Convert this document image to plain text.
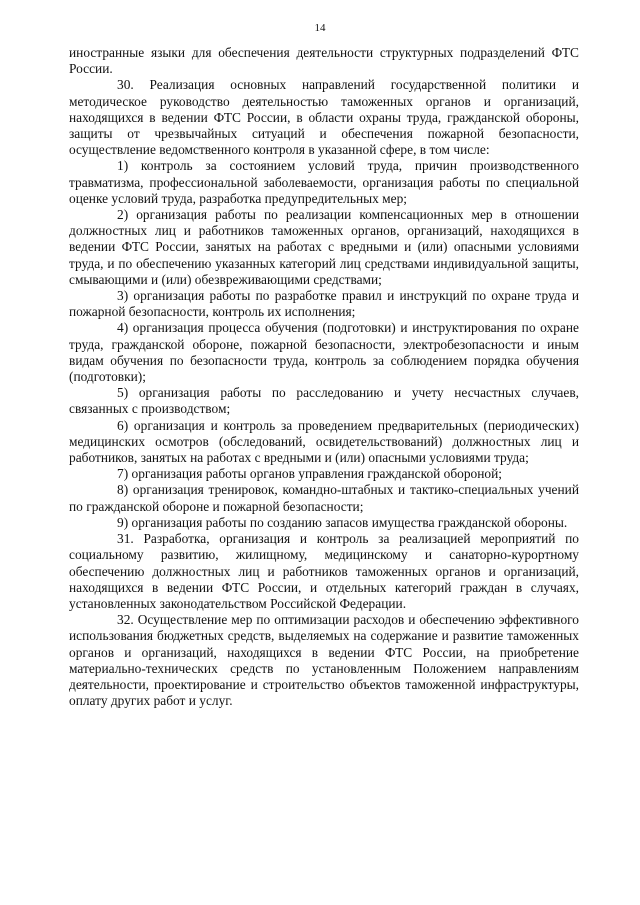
14

иностранные языки для обеспечения деятельности структурных подразделений ФТС России.

30. Реализация основных направлений государственной политики и методическое руководство деятельностью таможенных органов и организаций, находящихся в ведении ФТС России, в области охраны труда, гражданской обороны, защиты от чрезвычайных ситуаций и обеспечения пожарной безопасности, осуществление ведомственного контроля в указанной сфере, в том числе:

1) контроль за состоянием условий труда, причин производственного травматизма, профессиональной заболеваемости, организация работы по специальной оценке условий труда, разработка предупредительных мер;

2) организация работы по реализации компенсационных мер в отношении должностных лиц и работников таможенных органов, организаций, находящихся в ведении ФТС России, занятых на работах с вредными и (или) опасными условиями труда, и по обеспечению указанных категорий лиц средствами индивидуальной защиты, смывающими и (или) обезвреживающими средствами;

3) организация работы по разработке правил и инструкций по охране труда и пожарной безопасности, контроль их исполнения;

4) организация процесса обучения (подготовки) и инструктирования по охране труда, гражданской обороне, пожарной безопасности, электробезопасности и иным видам обучения по безопасности труда, контроль за соблюдением порядка обучения (подготовки);

5) организация работы по расследованию и учету несчастных случаев, связанных с производством;

6) организация и контроль за проведением предварительных (периодических) медицинских осмотров (обследований, освидетельствований) должностных лиц и работников, занятых на работах с вредными и (или) опасными условиями труда;

7) организация работы органов управления гражданской обороной;

8) организация тренировок, командно-штабных и тактико-специальных учений по гражданской обороне и пожарной безопасности;

9) организация работы по созданию запасов имущества гражданской обороны.

31. Разработка, организация и контроль за реализацией мероприятий по социальному развитию, жилищному, медицинскому и санаторно-курортному обеспечению должностных лиц и работников таможенных органов и организаций, находящихся в ведении ФТС России, и отдельных категорий граждан в случаях, установленных законодательством Российской Федерации.

32. Осуществление мер по оптимизации расходов и обеспечению эффективного использования бюджетных средств, выделяемых на содержание и развитие таможенных органов и организаций, находящихся в ведении ФТС России, на приобретение материально-технических средств по установленным Положением направлениям деятельности, проектирование и строительство объектов таможенной инфраструктуры, оплату других работ и услуг.
